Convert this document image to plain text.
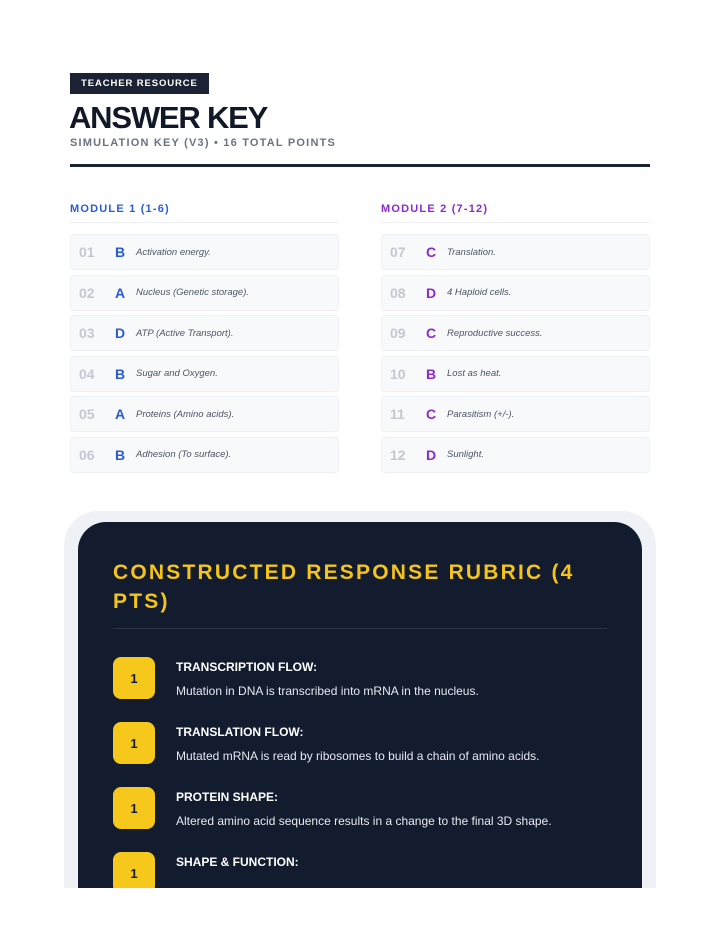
TEACHER RESOURCE
ANSWER KEY
SIMULATION KEY (V3) • 16 TOTAL POINTS
MODULE 1 (1-6)
01	B	Activation energy.
02	A	Nucleus (Genetic storage).
03	D	ATP (Active Transport).
04	B	Sugar and Oxygen.
05	A	Proteins (Amino acids).
06	B	Adhesion (To surface).
MODULE 2 (7-12)
07	C	Translation.
08	D	4 Haploid cells.
09	C	Reproductive success.
10	B	Lost as heat.
11	C	Parasitism (+/-).
12	D	Sunlight.
CONSTRUCTED RESPONSE RUBRIC (4 PTS)
1
TRANSCRIPTION FLOW:
Mutation in DNA is transcribed into mRNA in the nucleus.
1
TRANSLATION FLOW:
Mutated mRNA is read by ribosomes to build a chain of amino acids.
1
PROTEIN SHAPE:
Altered amino acid sequence results in a change to the final 3D shape.
1
SHAPE & FUNCTION:
